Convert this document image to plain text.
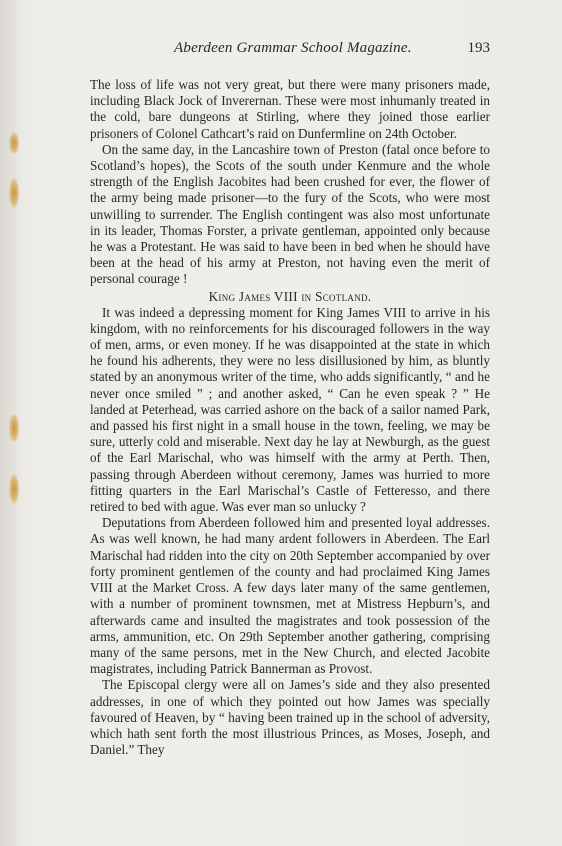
Aberdeen Grammar School Magazine.	193

The loss of life was not very great, but there were many prisoners made, including Black Jock of Inverernan. These were most inhumanly treated in the cold, bare dungeons at Stirling, where they joined those earlier prisoners of Colonel Cathcart’s raid on Dunfermline on 24th October.

On the same day, in the Lancashire town of Preston (fatal once before to Scotland’s hopes), the Scots of the south under Kenmure and the whole strength of the English Jacobites had been crushed for ever, the flower of the army being made prisoner—to the fury of the Scots, who were most unwilling to surrender. The English contingent was also most unfortunate in its leader, Thomas Forster, a private gentleman, appointed only because he was a Protestant. He was said to have been in bed when he should have been at the head of his army at Preston, not having even the merit of personal courage !

King James VIII in Scotland.

It was indeed a depressing moment for King James VIII to arrive in his kingdom, with no reinforcements for his discouraged followers in the way of men, arms, or even money. If he was disappointed at the state in which he found his adherents, they were no less disillusioned by him, as bluntly stated by an anonymous writer of the time, who adds significantly, “ and he never once smiled ” ; and another asked, “ Can he even speak ? ” He landed at Peterhead, was carried ashore on the back of a sailor named Park, and passed his first night in a small house in the town, feeling, we may be sure, utterly cold and miserable. Next day he lay at Newburgh, as the guest of the Earl Marischal, who was himself with the army at Perth. Then, passing through Aberdeen without ceremony, James was hurried to more fitting quarters in the Earl Marischal’s Castle of Fetteresso, and there retired to bed with ague. Was ever man so unlucky ?

Deputations from Aberdeen followed him and presented loyal addresses. As was well known, he had many ardent followers in Aberdeen. The Earl Marischal had ridden into the city on 20th September accompanied by over forty prominent gentlemen of the county and had proclaimed King James VIII at the Market Cross. A few days later many of the same gentlemen, with a number of prominent townsmen, met at Mistress Hepburn’s, and afterwards came and insulted the magistrates and took possession of the arms, ammunition, etc. On 29th September another gathering, comprising many of the same persons, met in the New Church, and elected Jacobite magistrates, including Patrick Bannerman as Provost.

The Episcopal clergy were all on James’s side and they also presented addresses, in one of which they pointed out how James was specially favoured of Heaven, by “ having been trained up in the school of adversity, which hath sent forth the most illustrious Princes, as Moses, Joseph, and Daniel.” They
